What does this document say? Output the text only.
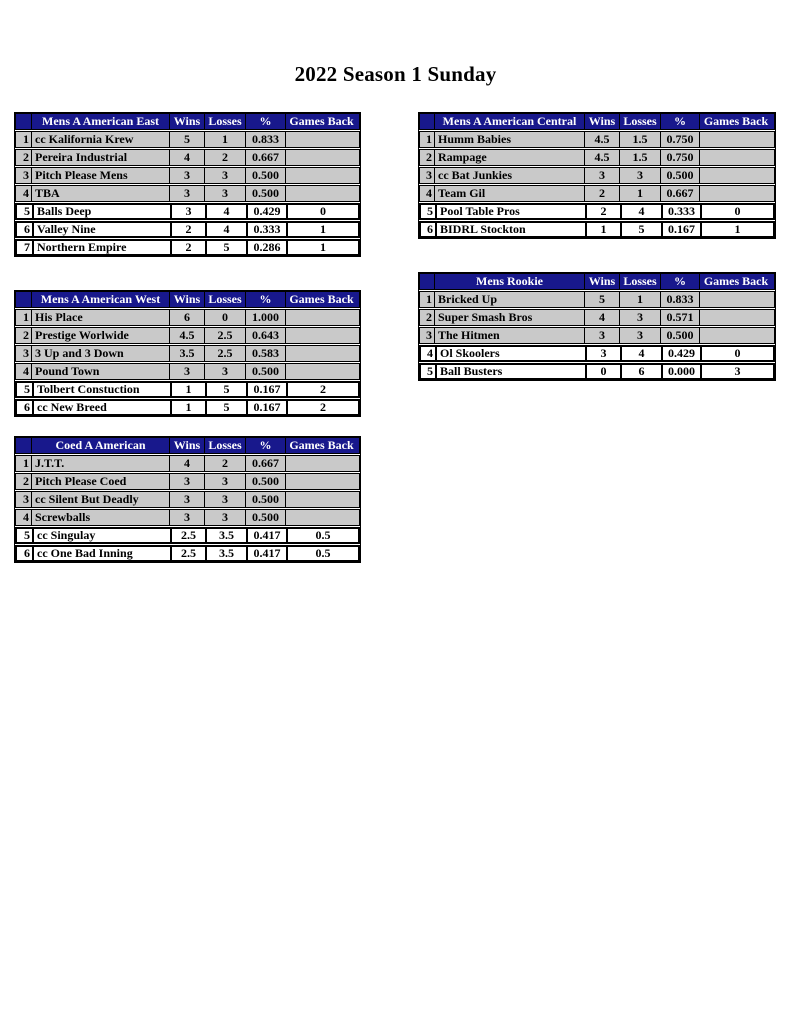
2022 Season 1 Sunday
Mens A American East	Wins Losses	%	Games Back
1 cc Kalifornia Krew	5	1	0.833
2 Pereira Industrial	4	2	0.667
3 Pitch Please Mens	3	3	0.500
4 TBA	3	3	0.500
5 Balls Deep	3	4	0.429	0
6 Valley Nine	2	4	0.333	1
7 Northern Empire	2	5	0.286	1
Mens A American Central	Wins Losses	%	Games Back
1 Humm Babies	4.5	1.5	0.750
2 Rampage	4.5	1.5	0.750
3 cc Bat Junkies	3	3	0.500
4 Team Gil	2	1	0.667
5 Pool Table Pros	2	4	0.333	0
6 BIDRL Stockton	1	5	0.167	1
Mens A American West	Wins Losses	%	Games Back
1 His Place	6	0	1.000
2 Prestige Worlwide	4.5	2.5	0.643
3 3 Up and 3 Down	3.5	2.5	0.583
4 Pound Town	3	3	0.500
5 Tolbert Constuction	1	5	0.167	2
6 cc New Breed	1	5	0.167	2
Mens Rookie	Wins Losses	%	Games Back
1 Bricked Up	5	1	0.833
2 Super Smash Bros	4	3	0.571
3 The Hitmen	3	3	0.500
4 Ol Skoolers	3	4	0.429	0
5 Ball Busters	0	6	0.000	3
Coed A American	Wins Losses	%	Games Back
1 J.T.T.	4	2	0.667
2 Pitch Please Coed	3	3	0.500
3 cc Silent But Deadly	3	3	0.500
4 Screwballs	3	3	0.500
5 cc Singulay	2.5	3.5	0.417	0.5
6 cc One Bad Inning	2.5	3.5	0.417	0.5
